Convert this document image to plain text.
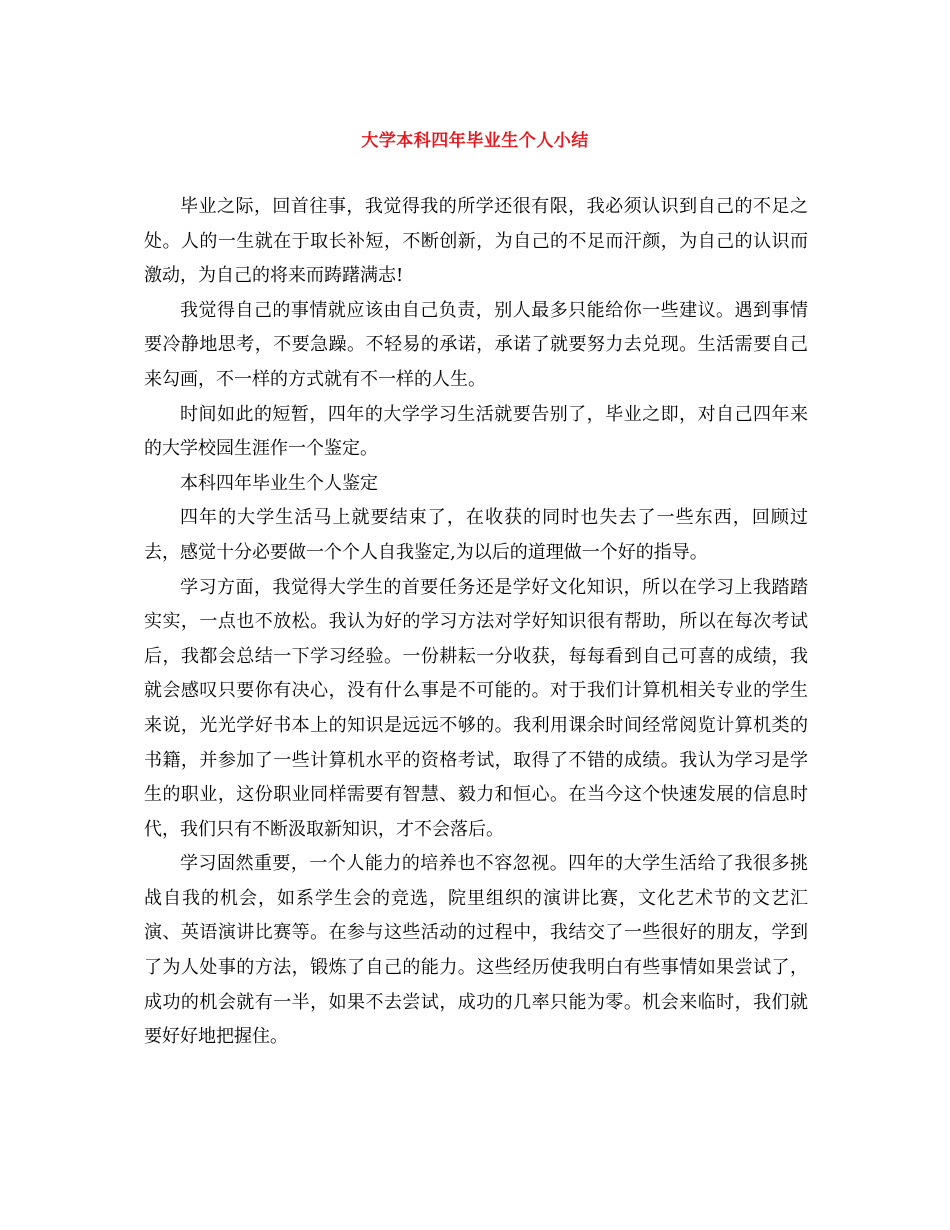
大学本科四年毕业生个人小结

毕业之际，回首往事，我觉得我的所学还很有限，我必须认识到自己的不足之处。人的一生就在于取长补短，不断创新，为自己的不足而汗颜，为自己的认识而激动，为自己的将来而踌躇满志!

我觉得自己的事情就应该由自己负责，别人最多只能给你一些建议。遇到事情要冷静地思考，不要急躁。不轻易的承诺，承诺了就要努力去兑现。生活需要自己来勾画，不一样的方式就有不一样的人生。

时间如此的短暂，四年的大学学习生活就要告别了，毕业之即，对自己四年来的大学校园生涯作一个鉴定。

本科四年毕业生个人鉴定

四年的大学生活马上就要结束了，在收获的同时也失去了一些东西，回顾过去，感觉十分必要做一个个人自我鉴定,为以后的道理做一个好的指导。

学习方面，我觉得大学生的首要任务还是学好文化知识，所以在学习上我踏踏实实，一点也不放松。我认为好的学习方法对学好知识很有帮助，所以在每次考试后，我都会总结一下学习经验。一份耕耘一分收获，每每看到自己可喜的成绩，我就会感叹只要你有决心，没有什么事是不可能的。对于我们计算机相关专业的学生来说，光光学好书本上的知识是远远不够的。我利用课余时间经常阅览计算机类的书籍，并参加了一些计算机水平的资格考试，取得了不错的成绩。我认为学习是学生的职业，这份职业同样需要有智慧、毅力和恒心。在当今这个快速发展的信息时代，我们只有不断汲取新知识，才不会落后。

学习固然重要，一个人能力的培养也不容忽视。四年的大学生活给了我很多挑战自我的机会，如系学生会的竞选，院里组织的演讲比赛，文化艺术节的文艺汇演、英语演讲比赛等。在参与这些活动的过程中，我结交了一些很好的朋友，学到了为人处事的方法，锻炼了自己的能力。这些经历使我明白有些事情如果尝试了，成功的机会就有一半，如果不去尝试，成功的几率只能为零。机会来临时，我们就要好好地把握住。
